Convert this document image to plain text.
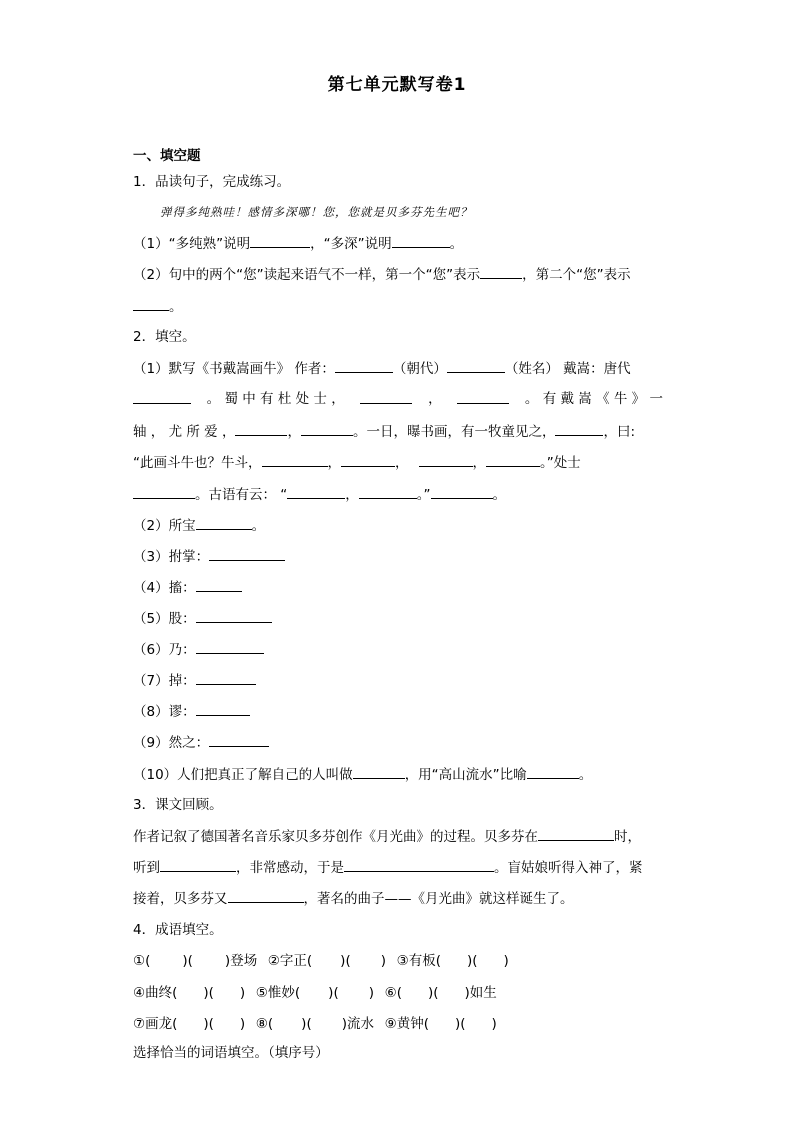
第七单元默写卷1
一、填空题
1．品读句子，完成练习。
弹得多纯熟哇！感情多深哪！您，您就是贝多芬先生吧？
（1）“多纯熟”说明	，“多深”说明	。
（2）句中的两个“您”读起来语气不一样，第一个“您”表示	，第二个“您”表示
。
2．填空。
（1）默写《书戴嵩画牛》 作者：	（朝代）	（姓名） 戴嵩：唐代
。 蜀 中 有 杜 处 士 ，	，	。 有 戴 嵩 《 牛 》 一
轴 ， 尤 所 爱 ，	，	。一日，曝书画，有一牧童见之，	，曰:
“此画斗牛也？牛斗，	，	，	，	。”处士
。古语有云： “	，	。”	。
（2）所宝	。
（3）拊掌：
（4）搐：
（5）股：
（6）乃：
（7）掉：
（8）谬：
（9）然之：
（10）人们把真正了解自己的人叫做	，用“高山流水”比喻	。
3．课文回顾。
作者记叙了德国著名音乐家贝多芬创作《月光曲》的过程。贝多芬在	时，
听到	，非常感动，于是	。盲姑娘听得入神了，紧
接着，贝多芬又	，著名的曲子——《月光曲》就这样诞生了。
4．成语填空。
①( )( )登场 ②字正( )( ) ③有板( )( )
④曲终( )( ) ⑤惟妙( )( ) ⑥( )( )如生
⑦画龙( )( ) ⑧( )( )流水 ⑨黄钟( )( )
选择恰当的词语填空。（填序号）
